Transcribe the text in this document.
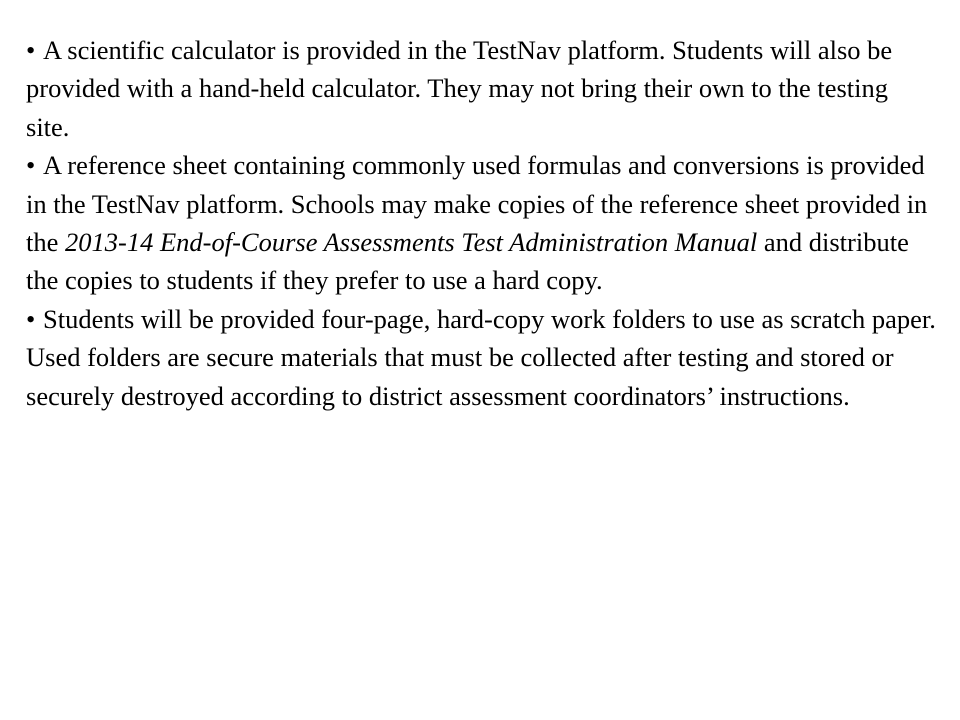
• A scientific calculator is provided in the TestNav platform. Students will also be provided with a hand-held calculator. They may not bring their own to the testing site.
• A reference sheet containing commonly used formulas and conversions is provided in the TestNav platform. Schools may make copies of the reference sheet provided in the 2013-14 End-of-Course Assessments Test Administration Manual and distribute the copies to students if they prefer to use a hard copy.
• Students will be provided four-page, hard-copy work folders to use as scratch paper. Used folders are secure materials that must be collected after testing and stored or securely destroyed according to district assessment coordinators’ instructions.
